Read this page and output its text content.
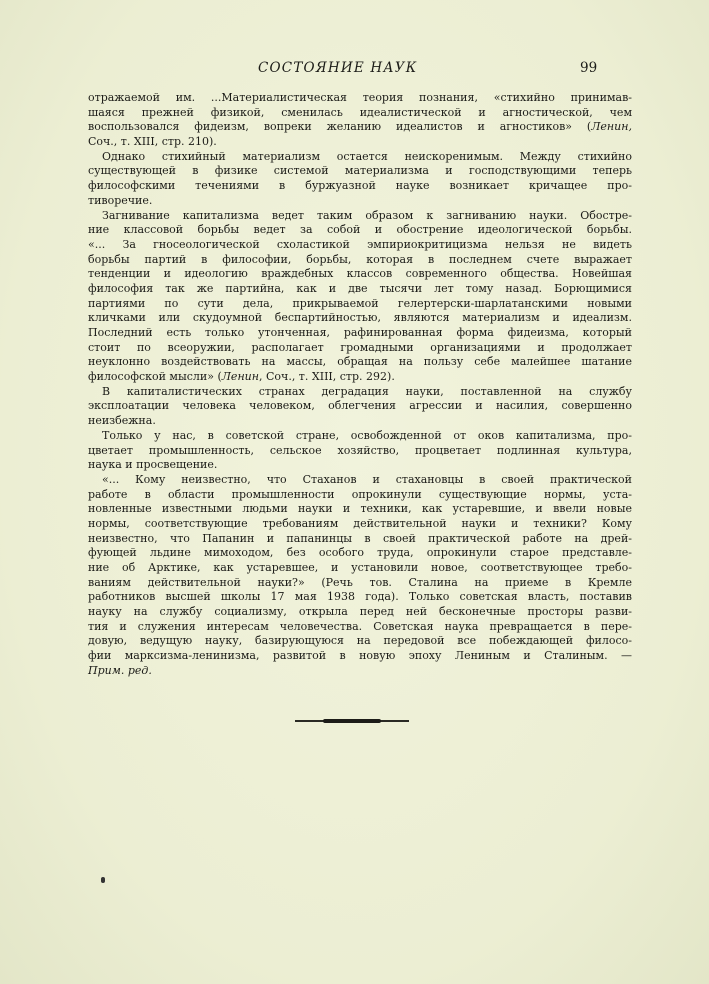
СОСТОЯНИЕ НАУК	99
отражаемой им. ...Материалистическая теория познания, «стихийно принимав-
шаяся прежней физикой, сменилась идеалистической и агностической, чем
воспользовался фидеизм, вопреки желанию идеалистов и агностиков» (Ленин,
Соч., т. XIII, стр. 210).
Однако стихийный материализм остается неискоренимым. Между стихийно
существующей в физике системой материализма и господствующими теперь
философскими течениями в буржуазной науке возникает кричащее про-
тиворечие.
Загнивание капитализма ведет таким образом к загниванию науки. Обостре-
ние классовой борьбы ведет за собой и обострение идеологической борьбы.
«... За гносеологической схоластикой эмпириокритицизма нельзя не видеть
борьбы партий в философии, борьбы, которая в последнем счете выражает
тенденции и идеологию враждебных классов современного общества. Новейшая
философия так же партийна, как и две тысячи лет тому назад. Борющимися
партиями по сути дела, прикрываемой гелертерски-шарлатанскими новыми
кличками или скудоумной беспартийностью, являются материализм и идеализм.
Последний есть только утонченная, рафинированная форма фидеизма, который
стоит по всеоружии, располагает громадными организациями и продолжает
неуклонно воздействовать на массы, обращая на пользу себе малейшее шатание
философской мысли» (Ленин, Соч., т. XIII, стр. 292).
В капиталистических странах деградация науки, поставленной на службу
эксплоатации человека человеком, облегчения агрессии и насилия, совершенно
неизбежна.
Только у нас, в советской стране, освобожденной от оков капитализма, про-
цветает промышленность, сельское хозяйство, процветает подлинная культура,
наука и просвещение.
«... Кому неизвестно, что Стаханов и стахановцы в своей практической
работе в области промышленности опрокинули существующие нормы, уста-
новленные известными людьми науки и техники, как устаревшие, и ввели новые
нормы, соответствующие требованиям действительной науки и техники? Кому
неизвестно, что Папанин и папанинцы в своей практической работе на дрей-
фующей льдине мимоходом, без особого труда, опрокинули старое представле-
ние об Арктике, как устаревшее, и установили новое, соответствующее требо-
ваниям действительной науки?» (Речь тов. Сталина на приеме в Кремле
работников высшей школы 17 мая 1938 года). Только советская власть, поставив
науку на службу социализму, открыла перед ней бесконечные просторы разви-
тия и служения интересам человечества. Советская наука превращается в пере-
довую, ведущую науку, базирующуюся на передовой все побеждающей филосо-
фии марксизма-ленинизма, развитой в новую эпоху Лениным и Сталиным. —
Прим. ред.
